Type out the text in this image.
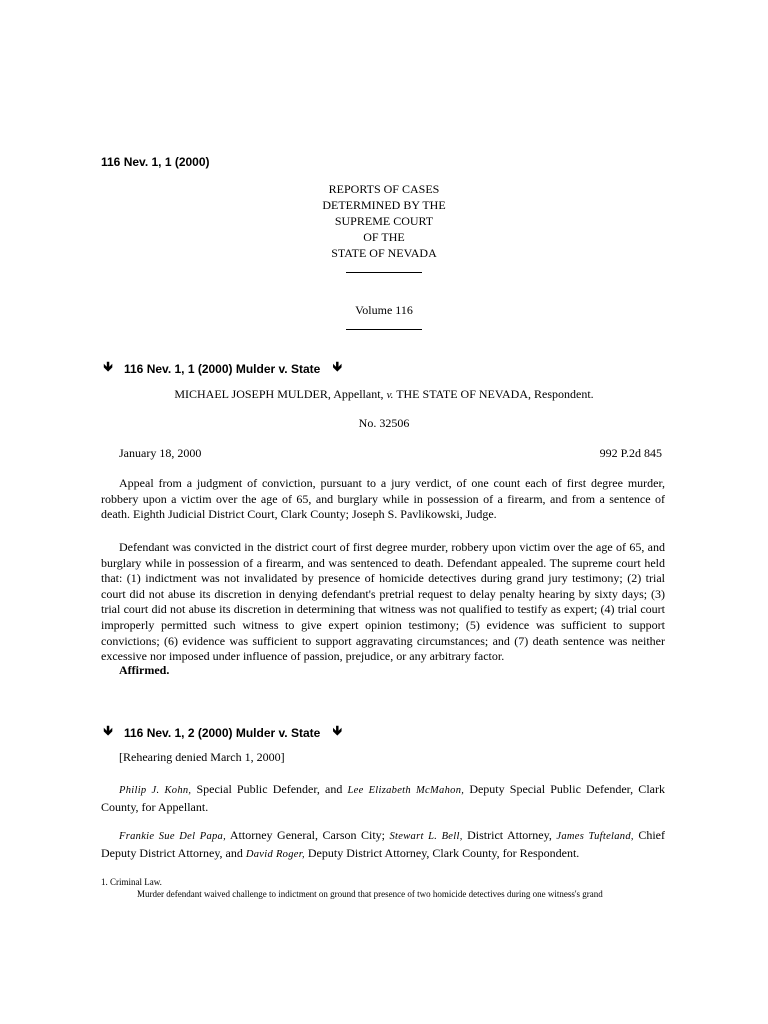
116 Nev. 1, 1 (2000)
REPORTS OF CASES
DETERMINED BY THE
SUPREME COURT
OF THE
STATE OF NEVADA
Volume 116
🡻 116 Nev. 1, 1 (2000) Mulder v. State 🡻
MICHAEL JOSEPH MULDER, Appellant, v. THE STATE OF NEVADA, Respondent.
No. 32506
January 18, 2000	992 P.2d 845
Appeal from a judgment of conviction, pursuant to a jury verdict, of one count each of first degree murder, robbery upon a victim over the age of 65, and burglary while in possession of a firearm, and from a sentence of death. Eighth Judicial District Court, Clark County; Joseph S. Pavlikowski, Judge.
Defendant was convicted in the district court of first degree murder, robbery upon victim over the age of 65, and burglary while in possession of a firearm, and was sentenced to death. Defendant appealed. The supreme court held that: (1) indictment was not invalidated by presence of homicide detectives during grand jury testimony; (2) trial court did not abuse its discretion in denying defendant's pretrial request to delay penalty hearing by sixty days; (3) trial court did not abuse its discretion in determining that witness was not qualified to testify as expert; (4) trial court improperly permitted such witness to give expert opinion testimony; (5) evidence was sufficient to support convictions; (6) evidence was sufficient to support aggravating circumstances; and (7) death sentence was neither excessive nor imposed under influence of passion, prejudice, or any arbitrary factor.
Affirmed.
🡻 116 Nev. 1, 2 (2000) Mulder v. State 🡻
[Rehearing denied March 1, 2000]
Philip J. Kohn, Special Public Defender, and Lee Elizabeth McMahon, Deputy Special Public Defender, Clark County, for Appellant.
Frankie Sue Del Papa, Attorney General, Carson City; Stewart L. Bell, District Attorney, James Tufteland, Chief Deputy District Attorney, and David Roger, Deputy District Attorney, Clark County, for Respondent.
1. Criminal Law.
Murder defendant waived challenge to indictment on ground that presence of two homicide detectives during one witness's grand
